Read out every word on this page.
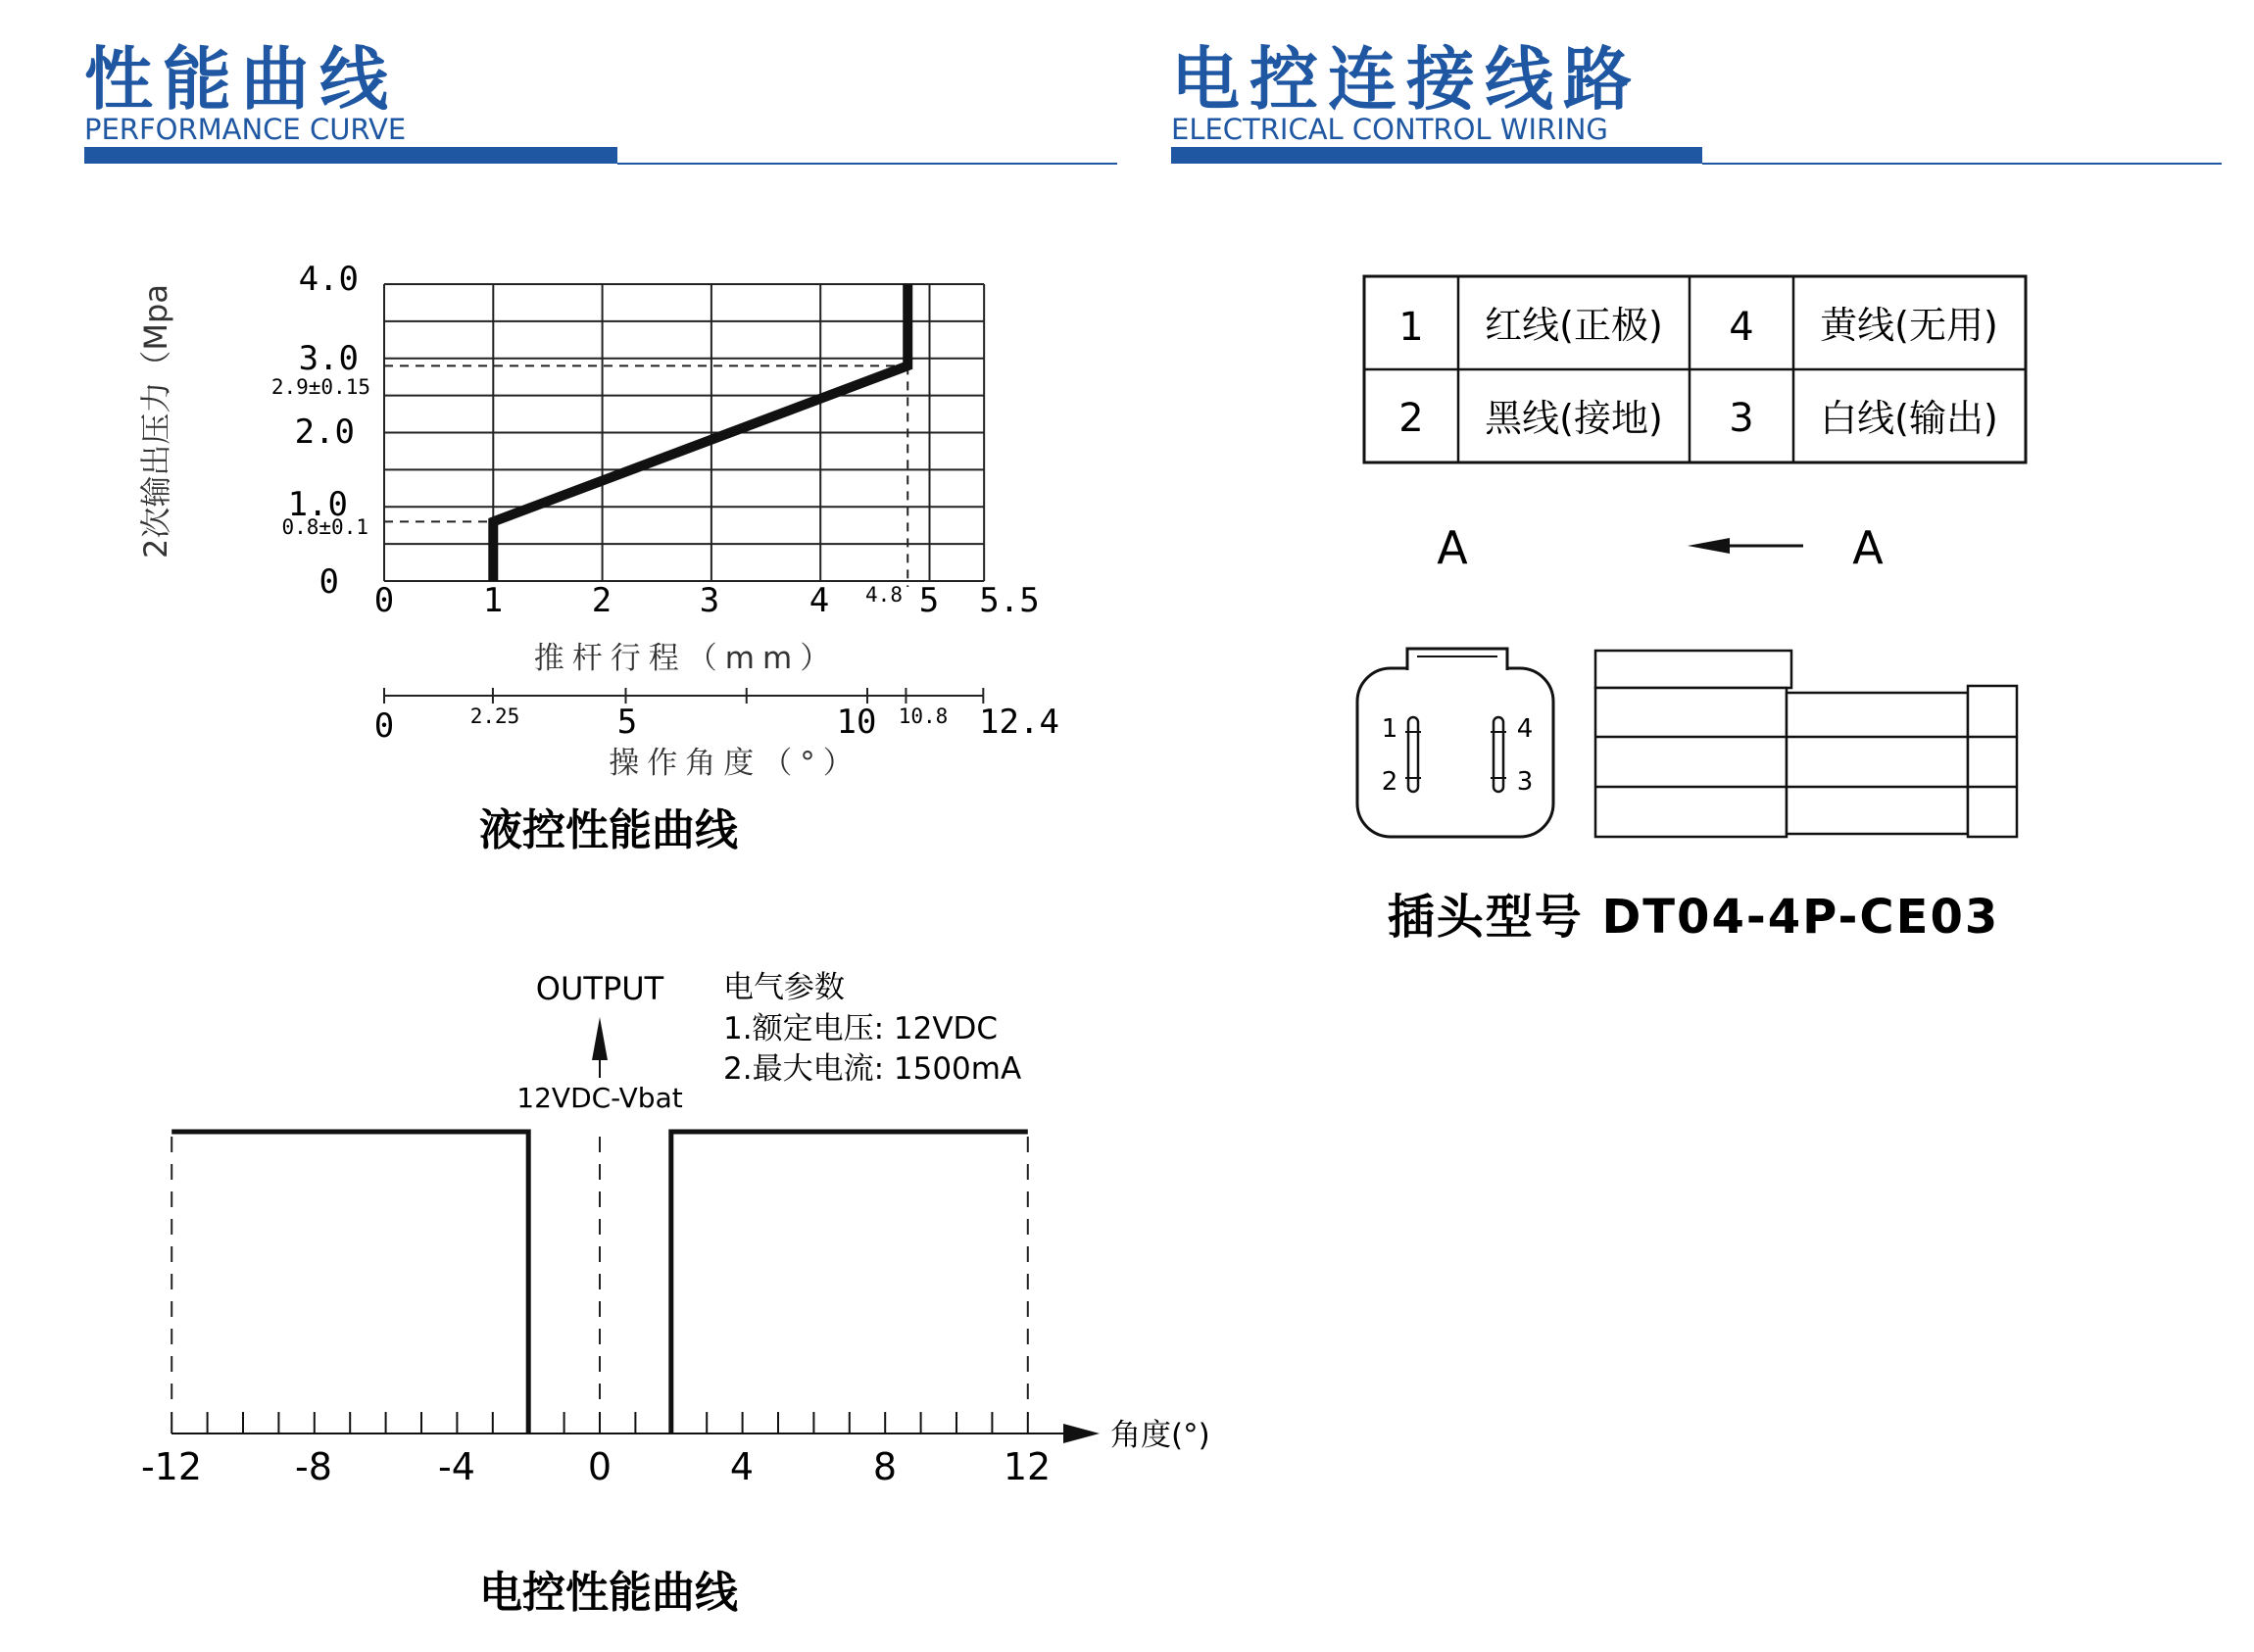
性能曲线
PERFORMANCE CURVE
电控连接线路
ELECTRICAL CONTROL WIRING
0
1.0
2.0
3.0
4.0
0.8±0.1
2.9±0.15
2次输出压力（Mpa
0	1	2	3	4	5 5.5
4.8
推杆行程（mm）
0	2.25	5	10 10.8 12.4
操作角度（°）
液控性能曲线
OUTPUT
12VDC-Vbat
电气参数
1.额定电压: 12VDC
2.最大电流: 1500mA
-12	-8	-4	0	4	8	12
角度(°)
电控性能曲线
1 红线(正极) 4 黄线(无用)
2 黑线(接地) 3 白线(输出)
A	A
1
2
4
3
插头型号 DT04-4P-CE03
